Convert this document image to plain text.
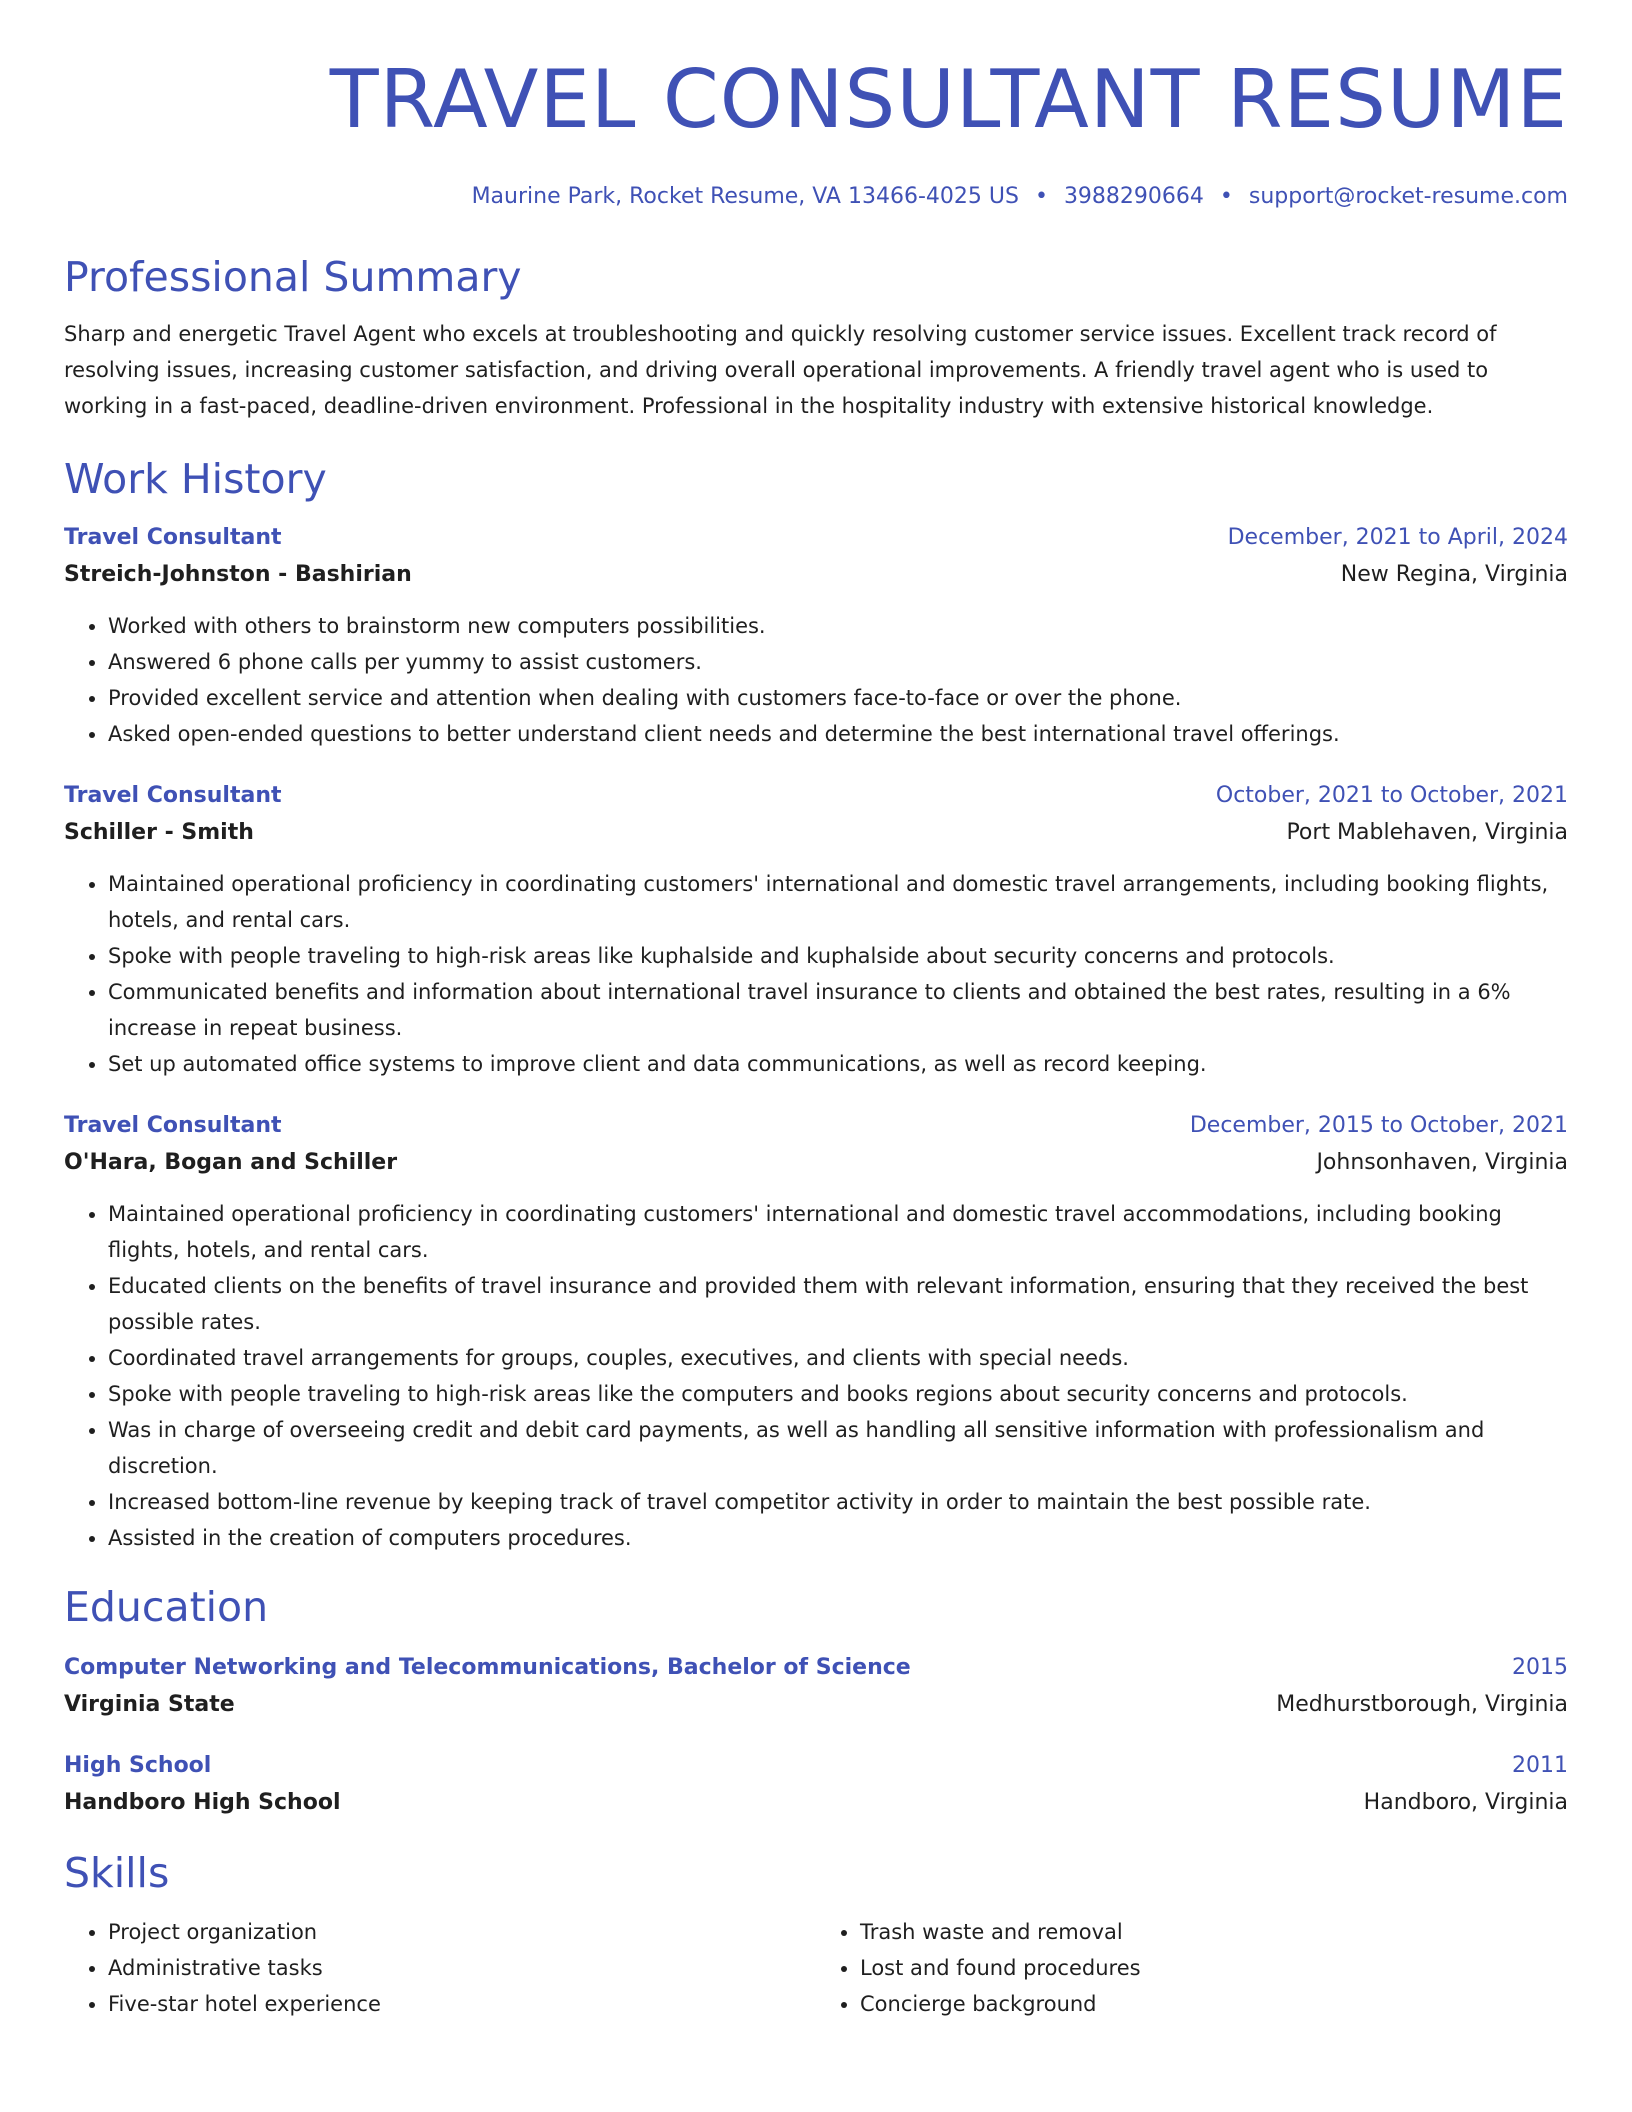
TRAVEL CONSULTANT RESUME
Maurine Park, Rocket Resume, VA 13466-4025 US • 3988290664 • support@rocket-resume.com
Professional Summary
Sharp and energetic Travel Agent who excels at troubleshooting and quickly resolving customer service issues. Excellent track record of resolving issues, increasing customer satisfaction, and driving overall operational improvements. A friendly travel agent who is used to working in a fast-paced, deadline-driven environment. Professional in the hospitality industry with extensive historical knowledge.
Work History
Travel Consultant	December, 2021 to April, 2024
Streich-Johnston - Bashirian	New Regina, Virginia
• Worked with others to brainstorm new computers possibilities.
• Answered 6 phone calls per yummy to assist customers.
• Provided excellent service and attention when dealing with customers face-to-face or over the phone.
• Asked open-ended questions to better understand client needs and determine the best international travel offerings.
Travel Consultant	October, 2021 to October, 2021
Schiller - Smith	Port Mablehaven, Virginia
• Maintained operational proficiency in coordinating customers' international and domestic travel arrangements, including booking flights, hotels, and rental cars.
• Spoke with people traveling to high-risk areas like kuphalside and kuphalside about security concerns and protocols.
• Communicated benefits and information about international travel insurance to clients and obtained the best rates, resulting in a 6% increase in repeat business.
• Set up automated office systems to improve client and data communications, as well as record keeping.
Travel Consultant	December, 2015 to October, 2021
O'Hara, Bogan and Schiller	Johnsonhaven, Virginia
• Maintained operational proficiency in coordinating customers' international and domestic travel accommodations, including booking flights, hotels, and rental cars.
• Educated clients on the benefits of travel insurance and provided them with relevant information, ensuring that they received the best possible rates.
• Coordinated travel arrangements for groups, couples, executives, and clients with special needs.
• Spoke with people traveling to high-risk areas like the computers and books regions about security concerns and protocols.
• Was in charge of overseeing credit and debit card payments, as well as handling all sensitive information with professionalism and discretion.
• Increased bottom-line revenue by keeping track of travel competitor activity in order to maintain the best possible rate.
• Assisted in the creation of computers procedures.
Education
Computer Networking and Telecommunications, Bachelor of Science	2015
Virginia State	Medhurstborough, Virginia
High School	2011
Handboro High School	Handboro, Virginia
Skills
• Project organization
• Administrative tasks
• Five-star hotel experience
• Trash waste and removal
• Lost and found procedures
• Concierge background
